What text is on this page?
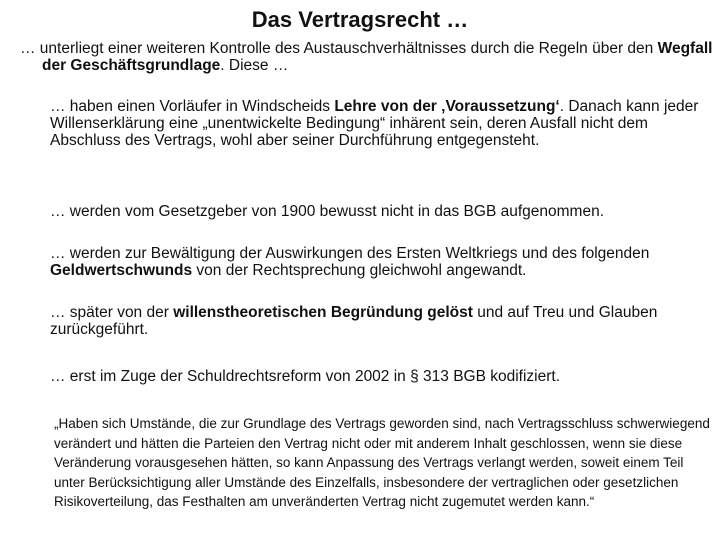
Das Vertragsrecht …
… unterliegt einer weiteren Kontrolle des Austauschverhältnisses durch die Regeln über den Wegfall der Geschäftsgrundlage. Diese …
… haben einen Vorläufer in Windscheids Lehre von der ‚Voraussetzung‘. Danach kann jeder Willenserklärung eine „unentwickelte Bedingung“ inhärent sein, deren Ausfall nicht dem Abschluss des Vertrags, wohl aber seiner Durchführung entgegensteht.
… werden vom Gesetzgeber von 1900 bewusst nicht in das BGB aufgenommen.
… werden zur Bewältigung der Auswirkungen des Ersten Weltkriegs und des folgenden Geldwertschwunds von der Rechtsprechung gleichwohl angewandt.
… später von der willenstheoretischen Begründung gelöst und auf Treu und Glauben zurückgeführt.
… erst im Zuge der Schuldrechtsreform von 2002 in § 313 BGB kodifiziert.
„Haben sich Umstände, die zur Grundlage des Vertrags geworden sind, nach Vertragsschluss schwerwiegend verändert und hätten die Parteien den Vertrag nicht oder mit anderem Inhalt geschlossen, wenn sie diese Veränderung vorausgesehen hätten, so kann Anpassung des Vertrags verlangt werden, soweit einem Teil unter Berücksichtigung aller Umstände des Einzelfalls, insbesondere der vertraglichen oder gesetzlichen Risikoverteilung, das Festhalten am unveränderten Vertrag nicht zugemutet werden kann.“
